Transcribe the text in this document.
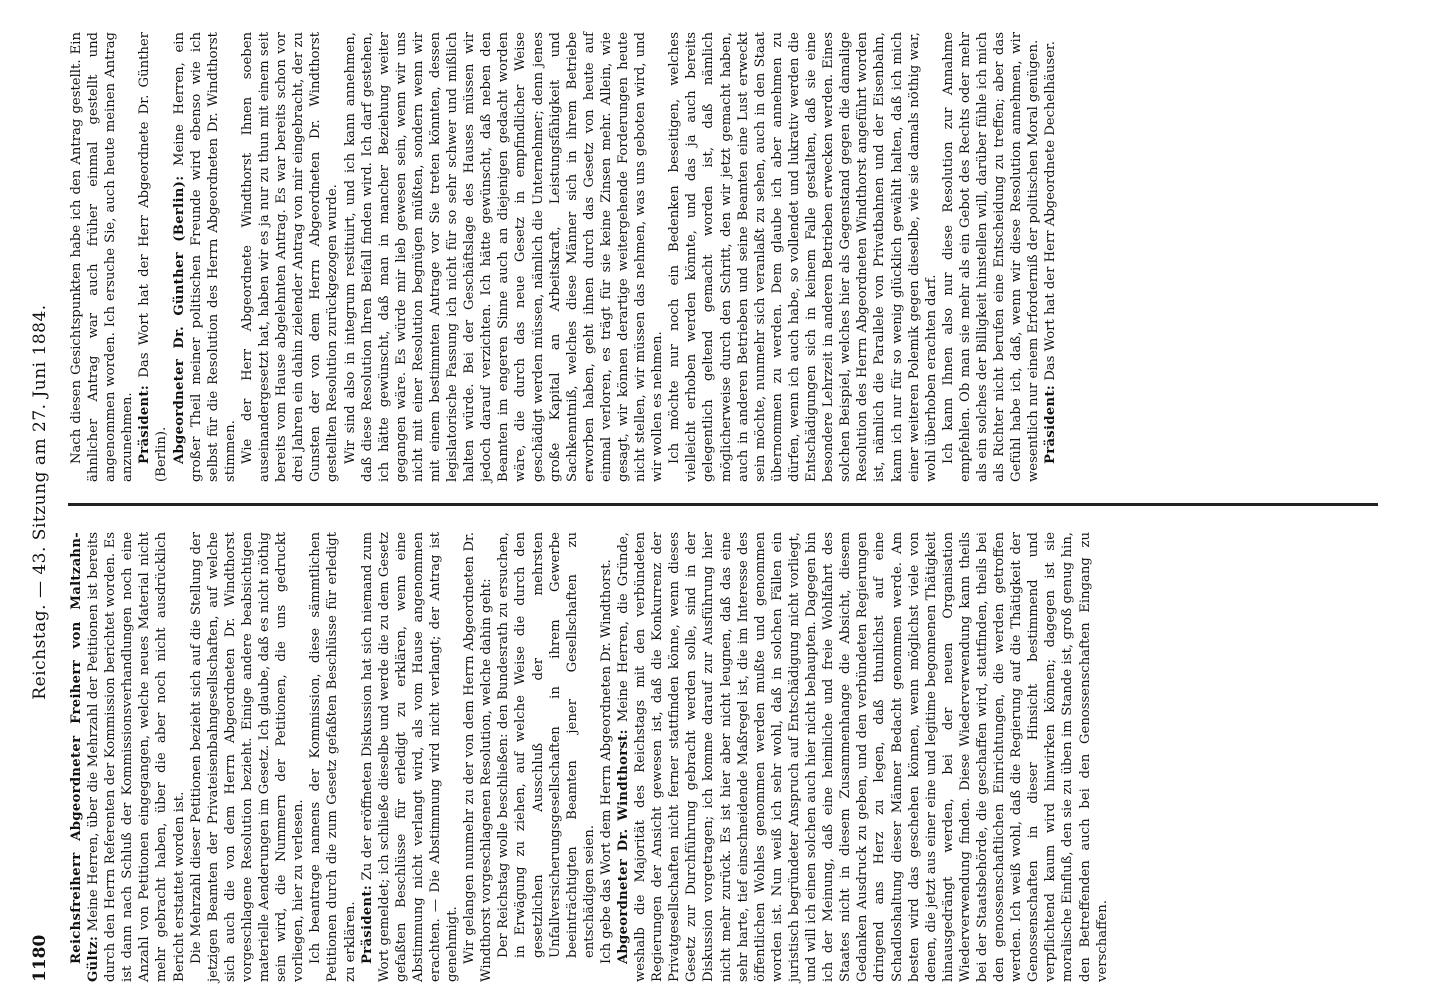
1180
Reichstag. — 43. Sitzung am 27. Juni 1884.

Reichsfreiherr Abgeordneter Freiherr von Maltzahn-Gültz: Meine Herren, über die Mehrzahl der Petitionen ist bereits durch den Herrn Referenten der Kommission berichtet worden. Es ist dann nach Schluß der Kommissionsverhandlungen noch eine Anzahl von Petitionen eingegangen, welche neues Material nicht mehr gebracht haben, über die aber noch nicht ausdrücklich Bericht erstattet worden ist. Die Mehrzahl dieser Petitionen bezieht sich auf die Stellung der jetzigen Beamten der Privateisenbahngesellschaften, auf welche sich auch die von dem Herrn Abgeordneten Dr. Windthorst vorgeschlagene Resolution bezieht. Einige andere beabsichtigen materielle Aenderungen im Gesetz. Ich glaube, daß es nicht nöthig sein wird, die Nummern der Petitionen, die uns gedruckt vorliegen, hier zu verlesen. Ich beantrage namens der Kommission, diese sämmtlichen Petitionen durch die zum Gesetz gefaßten Beschlüsse für erledigt zu erklären. Präsident: Zu der eröffneten Diskussion hat sich niemand zum Wort gemeldet; ich schließe dieselbe und werde die zu dem Gesetz gefaßten Beschlüsse für erledigt zu erklären, wenn eine Abstimmung nicht verlangt wird, als vom Hause angenommen erachten. — Die Abstimmung wird nicht verlangt; der Antrag ist genehmigt. Wir gelangen nunmehr zu der von dem Herrn Abgeordneten Dr. Windthorst vorgeschlagenen Resolution, welche dahin geht: Der Reichstag wolle beschließen: den Bundesrath zu ersuchen, in Erwägung zu ziehen, auf welche Weise die durch den gesetzlichen Ausschluß der mehrsten Unfallversicherungsgesellschaften in ihrem Gewerbe beeinträchtigten Beamten jener Gesellschaften zu entschädigen seien. Ich gebe das Wort dem Herrn Abgeordneten Dr. Windthorst. Abgeordneter Dr. Windthorst: Meine Herren, die Gründe, weshalb die Majorität des Reichstags mit den verbündeten Regierungen der Ansicht gewesen ist, daß die Konkurrenz der Privatgesellschaften nicht ferner stattfinden könne, wenn dieses Gesetz zur Durchführung gebracht werden solle, sind in der Diskussion vorgetragen; ich komme darauf zur Ausführung hier nicht mehr zurück. Es ist hier aber nicht leugnen, daß das eine sehr harte, tief einschneidende Maßregel ist, die im Interesse des öffentlichen Wohles genommen werden mußte und genommen worden ist. Nun weiß ich sehr wohl, daß in solchen Fällen ein juristisch begründeter Anspruch auf Entschädigung nicht vorliegt, und will ich einen solchen auch hier nicht behaupten. Dagegen bin ich der Meinung, daß eine heimliche und freie Wohlfahrt des Staates nicht in diesem Zusammenhange die Absicht, diesem Gedanken Ausdruck zu geben, und den verbündeten Regierungen dringend ans Herz zu legen, daß thunlichst auf eine Schadloshaltung dieser Männer Bedacht genommen werde. Am besten wird das geschehen können, wenn möglichst viele von denen, die jetzt aus einer eine und legitime begonnenen Thätigkeit hinausgedrängt werden, bei der neuen Organisation Wiederverwendung finden. Diese Wiederverwendung kann theils bei der Staatsbehörde, die geschaffen wird, stattfinden, theils bei den genossenschaftlichen Einrichtungen, die werden getroffen werden. Ich weiß wohl, daß die Regierung auf die Thätigkeit der Genossenschaften in dieser Hinsicht bestimmend und verpflichtend kaum wird hinwirken können; dagegen ist sie moralische Einfluß, den sie zu üben im Stande ist, groß genug hin, den Betreffenden auch bei den Genossenschaften Eingang zu verschaffen.

Nach diesen Gesichtspunkten habe ich den Antrag gestellt. Ein ähnlicher Antrag war auch früher einmal gestellt und angenommen worden. Ich ersuche Sie, auch heute meinen Antrag anzunehmen. Präsident: Das Wort hat der Herr Abgeordnete Dr. Günther (Berlin). Abgeordneter Dr. Günther (Berlin): Meine Herren, ein großer Theil meiner politischen Freunde wird ebenso wie ich selbst für die Resolution des Herrn Abgeordneten Dr. Windthorst stimmen. Wie der Herr Abgeordnete Windthorst Ihnen soeben auseinandergesetzt hat, haben wir es ja nur zu thun mit einem seit bereits vom Hause abgelehnten Antrag. Es war bereits schon vor drei Jahren ein dahin zielender Antrag von mir eingebracht, der zu Gunsten der von dem Herrn Abgeordneten Dr. Windthorst gestellten Resolution zurückgezogen wurde. Wir sind also in integrum restituirt, und ich kann annehmen, daß diese Resolution Ihren Beifall finden wird. Ich darf gestehen, ich hätte gewünscht, daß man in mancher Beziehung weiter gegangen wäre. Es würde mir lieb gewesen sein, wenn wir uns nicht mit einer Resolution begnügen müßten, sondern wenn wir mit einem bestimmten Antrage vor Sie treten könnten, dessen legislatorische Fassung ich nicht für so sehr schwer und mißlich halten würde. Bei der Geschäftslage des Hauses müssen wir jedoch darauf verzichten. Ich hätte gewünscht, daß neben den Beamten im engeren Sinne auch an diejenigen gedacht worden wäre, die durch das neue Gesetz in empfindlicher Weise geschädigt werden müssen, nämlich die Unternehmer; denn jenes große Kapital an Arbeitskraft, Leistungsfähigkeit und Sachkenntniß, welches diese Männer sich in ihrem Betriebe erworben haben, geht ihnen durch das Gesetz von heute auf einmal verloren, es trägt für sie keine Zinsen mehr. Allein, wie gesagt, wir können derartige weitergehende Forderungen heute nicht stellen, wir müssen das nehmen, was uns geboten wird, und wir wollen es nehmen. Ich möchte nur noch ein Bedenken beseitigen, welches vielleicht erhoben werden könnte, und das ja auch bereits gelegentlich geltend gemacht worden ist, daß nämlich möglicherweise durch den Schritt, den wir jetzt gemacht haben, auch in anderen Betrieben und seine Beamten eine Lust erweckt sein möchte, nunmehr sich veranlaßt zu sehen, auch in den Staat übernommen zu werden. Dem glaube ich aber annehmen zu dürfen, wenn ich auch habe, so vollendet und lukrativ werden die Entschädigungen sich in keinem Falle gestalten, daß sie eine besondere Lehrzeit in anderen Betrieben erwecken werden. Eines solchen Beispiel, welches hier als Gegenstand gegen die damalige Resolution des Herrn Abgeordneten Windthorst angeführt worden ist, nämlich die Parallele von Privatbahnen und der Eisenbahn, kann ich nur für so wenig glücklich gewählt halten, daß ich mich einer weiteren Polemik gegen dieselbe, wie sie damals nöthig war, wohl überhoben erachten darf. Ich kann Ihnen also nur diese Resolution zur Annahme empfehlen. Ob man sie mehr als ein Gebot des Rechts oder mehr als ein solches der Billigkeit hinstellen will, darüber fühle ich mich als Richter nicht berufen eine Entscheidung zu treffen; aber das Gefühl habe ich, daß, wenn wir diese Resolution annehmen, wir wesentlich nur einem Erforderniß der politischen Moral genügen. Präsident: Das Wort hat der Herr Abgeordnete Dechelhäuser.
